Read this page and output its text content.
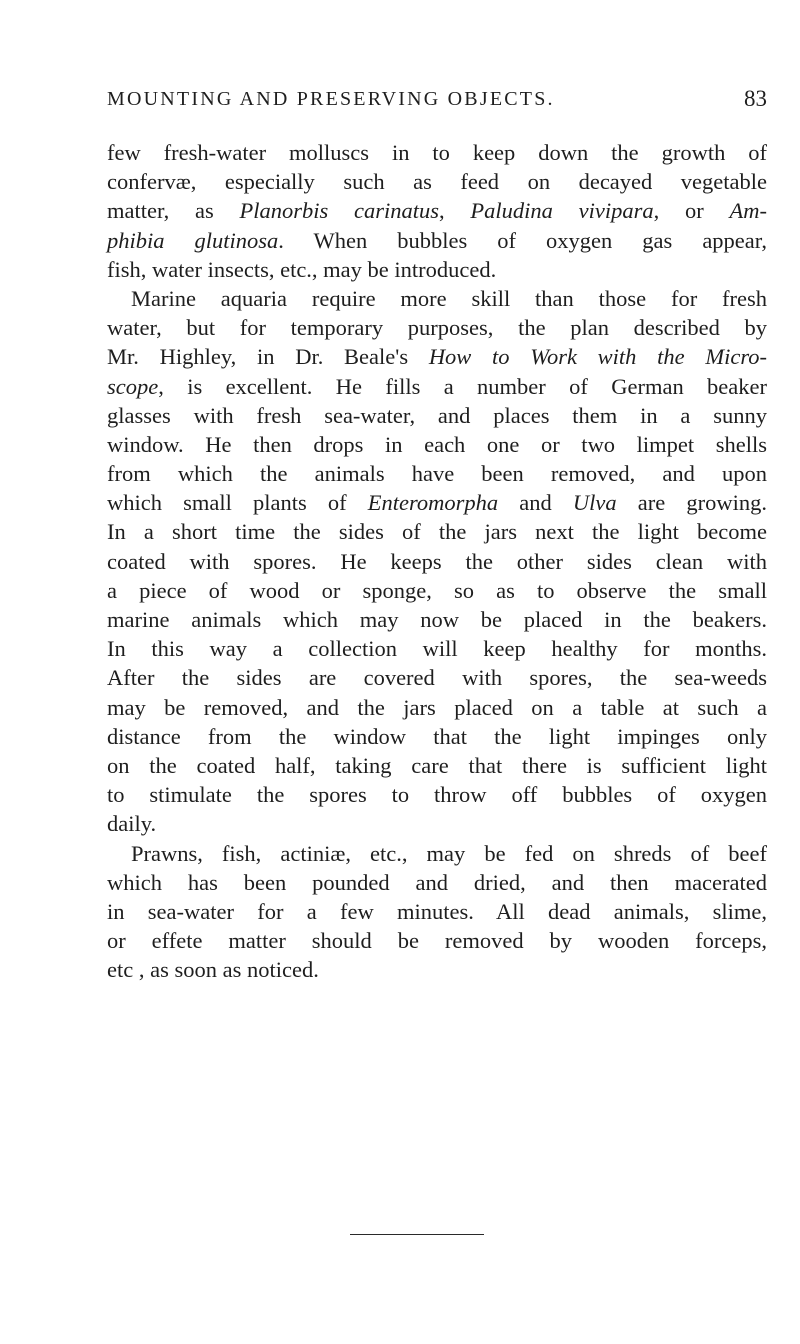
MOUNTING AND PRESERVING OBJECTS.	83
few fresh-water molluscs in to keep down the growth of
confervæ, especially such as feed on decayed vegetable
matter, as Planorbis carinatus, Paludina vivipara, or Am-
phibia glutinosa. When bubbles of oxygen gas appear,
fish, water insects, etc., may be introduced.
Marine aquaria require more skill than those for fresh
water, but for temporary purposes, the plan described by
Mr. Highley, in Dr. Beale's How to Work with the Micro-
scope, is excellent. He fills a number of German beaker
glasses with fresh sea-water, and places them in a sunny
window. He then drops in each one or two limpet shells
from which the animals have been removed, and upon
which small plants of Enteromorpha and Ulva are growing.
In a short time the sides of the jars next the light become
coated with spores. He keeps the other sides clean with
a piece of wood or sponge, so as to observe the small
marine animals which may now be placed in the beakers.
In this way a collection will keep healthy for months.
After the sides are covered with spores, the sea-weeds
may be removed, and the jars placed on a table at such a
distance from the window that the light impinges only
on the coated half, taking care that there is sufficient light
to stimulate the spores to throw off bubbles of oxygen
daily.
Prawns, fish, actiniæ, etc., may be fed on shreds of beef
which has been pounded and dried, and then macerated
in sea-water for a few minutes. All dead animals, slime,
or effete matter should be removed by wooden forceps,
etc , as soon as noticed.
